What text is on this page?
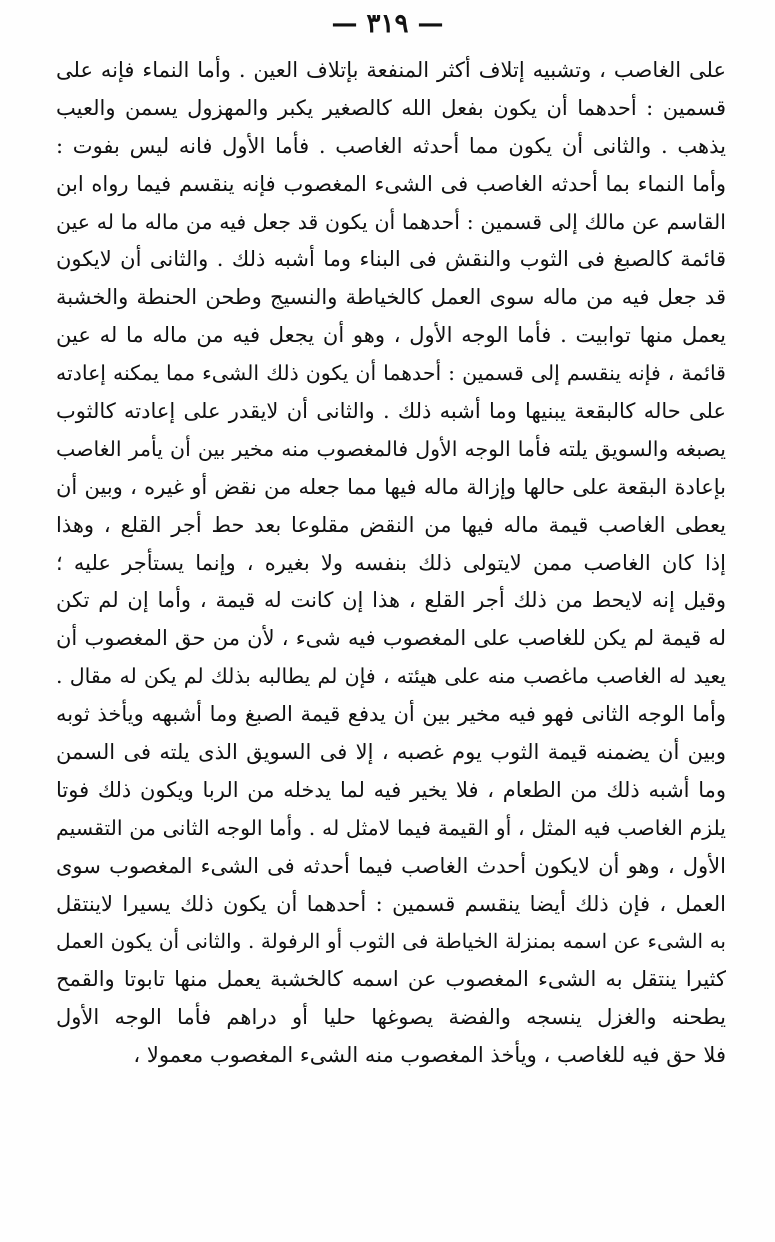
— ٣١٩ —
على الغاصب ، وتشبيه إتلاف أكثر المنفعة بإتلاف العين . وأما النماء فإنه على
قسمين : أحدهما أن يكون بفعل الله كالصغير يكبر والمهزول يسمن والعيب
يذهب . والثانى أن يكون مما أحدثه الغاصب . فأما الأول فانه ليس بفوت :
وأما النماء بما أحدثه الغاصب فى الشىء المغصوب فإنه ينقسم فيما رواه ابن
القاسم عن مالك إلى قسمين : أحدهما أن يكون قد جعل فيه من ماله ما له عين
قائمة كالصبغ فى الثوب والنقش فى البناء وما أشبه ذلك . والثانى أن لايكون
قد جعل فيه من ماله سوى العمل كالخياطة والنسيج وطحن الحنطة والخشبة
يعمل منها توابيت . فأما الوجه الأول ، وهو أن يجعل فيه من ماله ما له عين
قائمة ، فإنه ينقسم إلى قسمين : أحدهما أن يكون ذلك الشىء مما يمكنه إعادته
على حاله كالبقعة يبنيها وما أشبه ذلك . والثانى أن لايقدر على إعادته كالثوب
يصبغه والسويق يلته فأما الوجه الأول فالمغصوب منه مخير بين أن يأمر الغاصب
بإعادة البقعة على حالها وإزالة ماله فيها مما جعله من نقض أو غيره ، وبين أن
يعطى الغاصب قيمة ماله فيها من النقض مقلوعا بعد حط أجر القلع ، وهذا
إذا كان الغاصب ممن لايتولى ذلك بنفسه ولا بغيره ، وإنما يستأجر عليه ؛
وقيل إنه لايحط من ذلك أجر القلع ، هذا إن كانت له قيمة ، وأما إن لم تكن
له قيمة لم يكن للغاصب على المغصوب فيه شىء ، لأن من حق المغصوب أن
يعيد له الغاصب ماغصب منه على هيئته ، فإن لم يطالبه بذلك لم يكن له مقال .
وأما الوجه الثانى فهو فيه مخير بين أن يدفع قيمة الصبغ وما أشبهه ويأخذ ثوبه
وبين أن يضمنه قيمة الثوب يوم غصبه ، إلا فى السويق الذى يلته فى السمن
وما أشبه ذلك من الطعام ، فلا يخير فيه لما يدخله من الربا ويكون ذلك فوتا
يلزم الغاصب فيه المثل ، أو القيمة فيما لامثل له . وأما الوجه الثانى من التقسيم
الأول ، وهو أن لايكون أحدث الغاصب فيما أحدثه فى الشىء المغصوب سوى
العمل ، فإن ذلك أيضا ينقسم قسمين : أحدهما أن يكون ذلك يسيرا لاينتقل
به الشىء عن اسمه بمنزلة الخياطة فى الثوب أو الرفولة . والثانى أن يكون العمل
كثيرا ينتقل به الشىء المغصوب عن اسمه كالخشبة يعمل منها تابوتا والقمح
يطحنه والغزل ينسجه والفضة يصوغها حليا أو دراهم فأما الوجه الأول
فلا حق فيه للغاصب ، ويأخذ المغصوب منه الشىء المغصوب معمولا ،
